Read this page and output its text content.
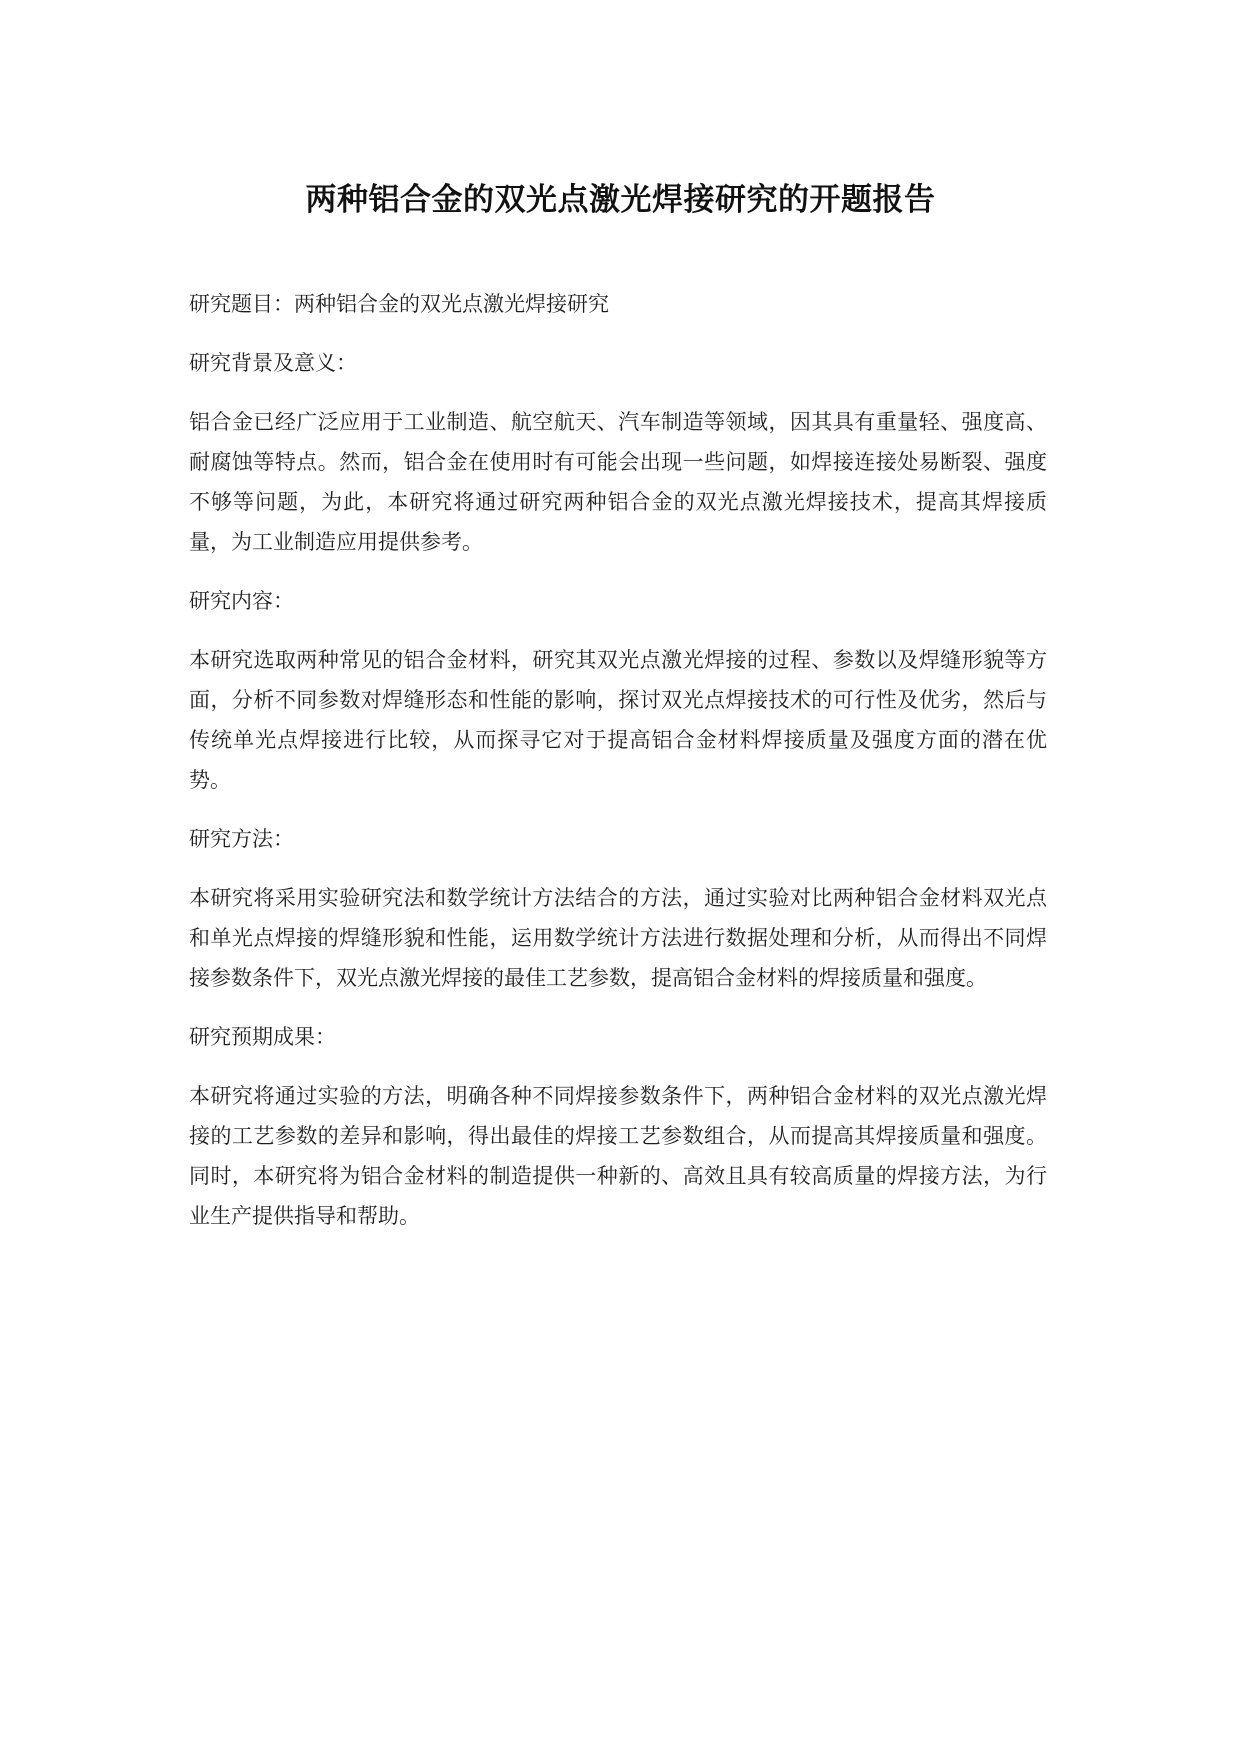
两种铝合金的双光点激光焊接研究的开题报告

研究题目：两种铝合金的双光点激光焊接研究

研究背景及意义：

铝合金已经广泛应用于工业制造、航空航天、汽车制造等领域，因其具有重量轻、强度高、耐腐蚀等特点。然而，铝合金在使用时有可能会出现一些问题，如焊接连接处易断裂、强度不够等问题，为此，本研究将通过研究两种铝合金的双光点激光焊接技术，提高其焊接质量，为工业制造应用提供参考。

研究内容：

本研究选取两种常见的铝合金材料，研究其双光点激光焊接的过程、参数以及焊缝形貌等方面，分析不同参数对焊缝形态和性能的影响，探讨双光点焊接技术的可行性及优劣，然后与传统单光点焊接进行比较，从而探寻它对于提高铝合金材料焊接质量及强度方面的潜在优势。

研究方法：

本研究将采用实验研究法和数学统计方法结合的方法，通过实验对比两种铝合金材料双光点和单光点焊接的焊缝形貌和性能，运用数学统计方法进行数据处理和分析，从而得出不同焊接参数条件下，双光点激光焊接的最佳工艺参数，提高铝合金材料的焊接质量和强度。

研究预期成果：

本研究将通过实验的方法，明确各种不同焊接参数条件下，两种铝合金材料的双光点激光焊接的工艺参数的差异和影响，得出最佳的焊接工艺参数组合，从而提高其焊接质量和强度。同时，本研究将为铝合金材料的制造提供一种新的、高效且具有较高质量的焊接方法，为行业生产提供指导和帮助。
